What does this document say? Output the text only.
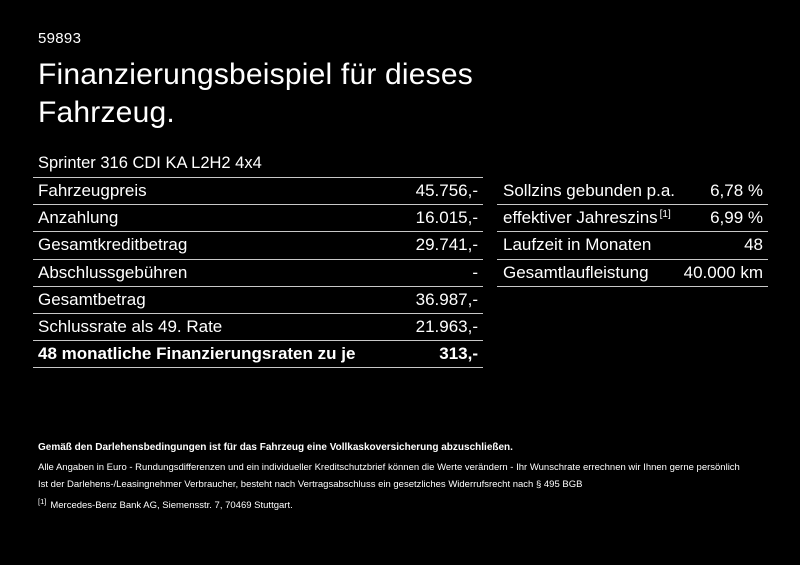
59893
Finanzierungsbeispiel für dieses Fahrzeug.
Sprinter 316 CDI KA L2H2 4x4
Fahrzeugpreis	45.756,-
Anzahlung	16.015,-
Gesamtkreditbetrag	29.741,-
Abschlussgebühren	-
Gesamtbetrag	36.987,-
Schlussrate als 49. Rate	21.963,-
48 monatliche Finanzierungsraten zu je	313,-
Sollzins gebunden p.a. 6,78 %
effektiver Jahreszins [1] 6,99 %
Laufzeit in Monaten	48
Gesamtlaufleistung 40.000 km
Gemäß den Darlehensbedingungen ist für das Fahrzeug eine Vollkaskoversicherung abzuschließen.
Alle Angaben in Euro - Rundungsdifferenzen und ein individueller Kreditschutzbrief können die Werte verändern - Ihr Wunschrate errechnen wir Ihnen gerne persönlich
Ist der Darlehens-/Leasingnehmer Verbraucher, besteht nach Vertragsabschluss ein gesetzliches Widerrufsrecht nach § 495 BGB
[1] Mercedes-Benz Bank AG, Siemensstr. 7, 70469 Stuttgart.
